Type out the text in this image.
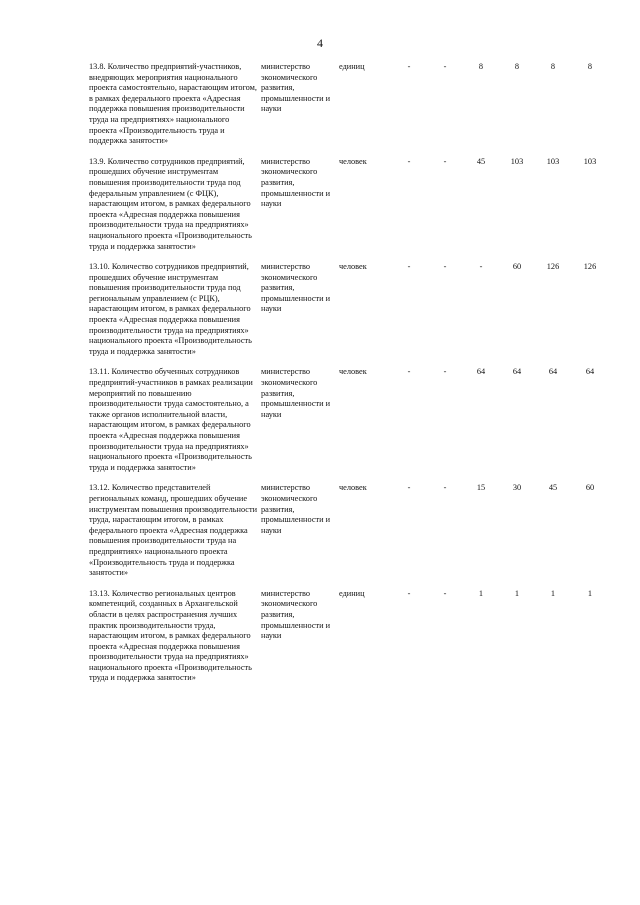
4
13.8. Количество предприятий-участников, внедряющих мероприятия национального проекта самостоятельно, нарастающим итогом, в рамках федерального проекта «Адресная поддержка повышения производительности труда на предприятиях» национального проекта «Производительность труда и поддержка занятости»	министерство экономического развития, промышленности и науки	единиц	-	-	8	8	8	8

13.9. Количество сотрудников предприятий, прошедших обучение инструментам повышения производительности труда под федеральным управлением (с ФЦК), нарастающим итогом, в рамках федерального проекта «Адресная поддержка повышения производительности труда на предприятиях» национального проекта «Производительность труда и поддержка занятости»	министерство экономического развития, промышленности и науки	человек	-	-	45	103	103	103

13.10. Количество сотрудников предприятий, прошедших обучение инструментам повышения производительности труда под региональным управлением (с РЦК), нарастающим итогом, в рамках федерального проекта «Адресная поддержка повышения производительности труда на предприятиях» национального проекта «Производительность труда и поддержка занятости»	министерство экономического развития, промышленности и науки	человек	-	-	-	60	126	126

13.11. Количество обученных сотрудников предприятий-участников в рамках реализации мероприятий по повышению производительности труда самостоятельно, а также органов исполнительной власти, нарастающим итогом, в рамках федерального проекта «Адресная поддержка повышения производительности труда на предприятиях» национального проекта «Производительность труда и поддержка занятости»	министерство экономического развития, промышленности и науки	человек	-	-	64	64	64	64

13.12. Количество представителей региональных команд, прошедших обучение инструментам повышения производительности труда, нарастающим итогом, в рамках федерального проекта «Адресная поддержка повышения производительности труда на предприятиях» национального проекта «Производительность труда и поддержка занятости»	министерство экономического развития, промышленности и науки	человек	-	-	15	30	45	60

13.13. Количество региональных центров компетенций, созданных в Архангельской области в целях распространения лучших практик производительности труда, нарастающим итогом, в рамках федерального проекта «Адресная поддержка повышения производительности труда на предприятиях» национального проекта «Производительность труда и поддержка занятости»	министерство экономического развития, промышленности и науки	единиц	-	-	1	1	1	1
